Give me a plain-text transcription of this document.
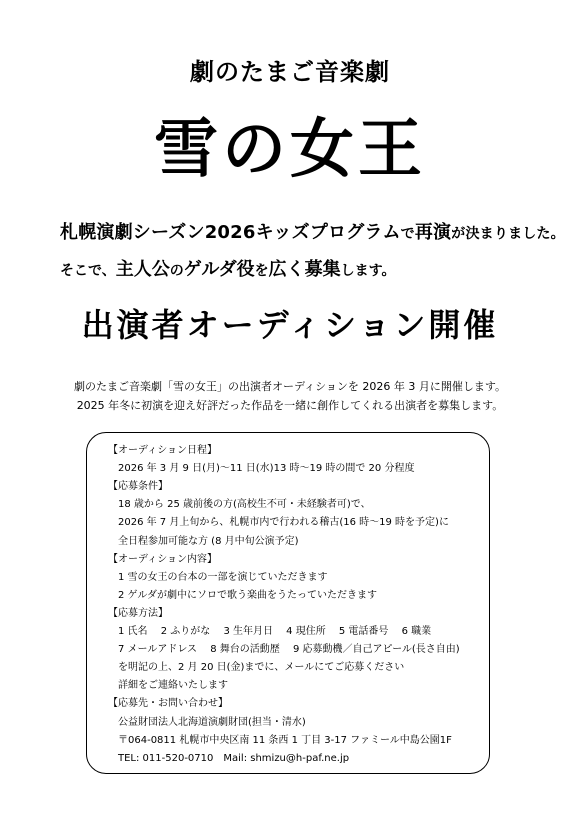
劇のたまご音楽劇
雪の女王
札幌演劇シーズン2026キッズプログラムで再演が決まりました。
そこで、主人公のゲルダ役を広く募集します。
出演者オーディション開催
劇のたまご音楽劇「雪の女王」の出演者オーディションを 2026 年 3 月に開催します。
2025 年冬に初演を迎え好評だった作品を一緒に創作してくれる出演者を募集します。
【オーディション日程】
2026 年 3 月 9 日(月)～11 日(水)13 時～19 時の間で 20 分程度
【応募条件】
18 歳から 25 歳前後の方(高校生不可・未経験者可)で、
2026 年 7 月上旬から、札幌市内で行われる稽古(16 時～19 時を予定)に
全日程参加可能な方 (8 月中旬公演予定)
【オーディション内容】
1 雪の女王の台本の一部を演じていただきます
2 ゲルダが劇中にソロで歌う楽曲をうたっていただきます
【応募方法】
1 氏名　 2 ふりがな　 3 生年月日　 4 現住所　 5 電話番号　 6 職業
7 メールアドレス　 8 舞台の活動歴　 9 応募動機／自己アピール(長さ自由)
を明記の上、2 月 20 日(金)までに、メールにてご応募ください
詳細をご連絡いたします
【応募先・お問い合わせ】
公益財団法人北海道演劇財団(担当・清水)
〒064-0811 札幌市中央区南 11 条西 1 丁目 3-17 ファミール中島公園1F
TEL: 011-520-0710　Mail: shmizu@h-paf.ne.jp
